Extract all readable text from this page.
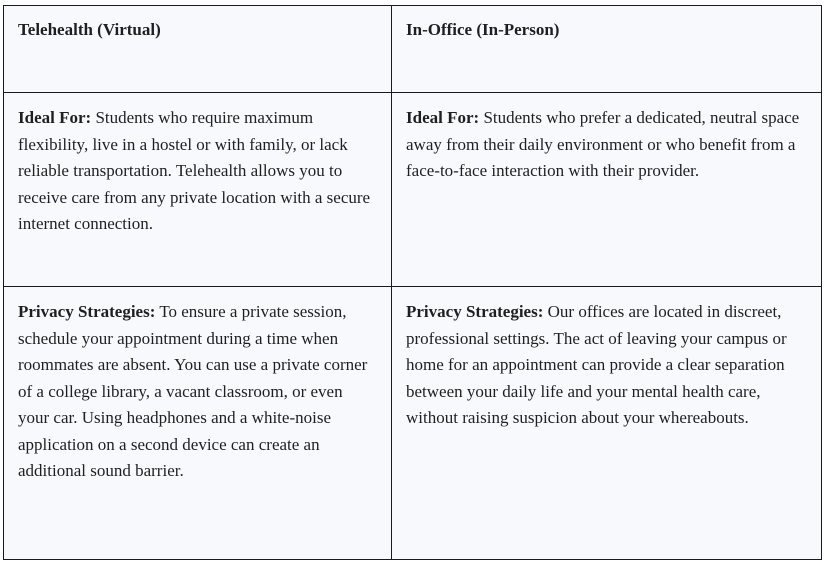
Telehealth (Virtual)	In-Office (In-Person)
Ideal For: Students who require maximum flexibility, live in a hostel or with family, or lack reliable transportation. Telehealth allows you to receive care from any private location with a secure internet connection.	Ideal For: Students who prefer a dedicated, neutral space away from their daily environment or who benefit from a face-to-face interaction with their provider.
Privacy Strategies: To ensure a private session, schedule your appointment during a time when roommates are absent. You can use a private corner of a college library, a vacant classroom, or even your car. Using headphones and a white-noise application on a second device can create an additional sound barrier.	Privacy Strategies: Our offices are located in discreet, professional settings. The act of leaving your campus or home for an appointment can provide a clear separation between your daily life and your mental health care, without raising suspicion about your whereabouts.
